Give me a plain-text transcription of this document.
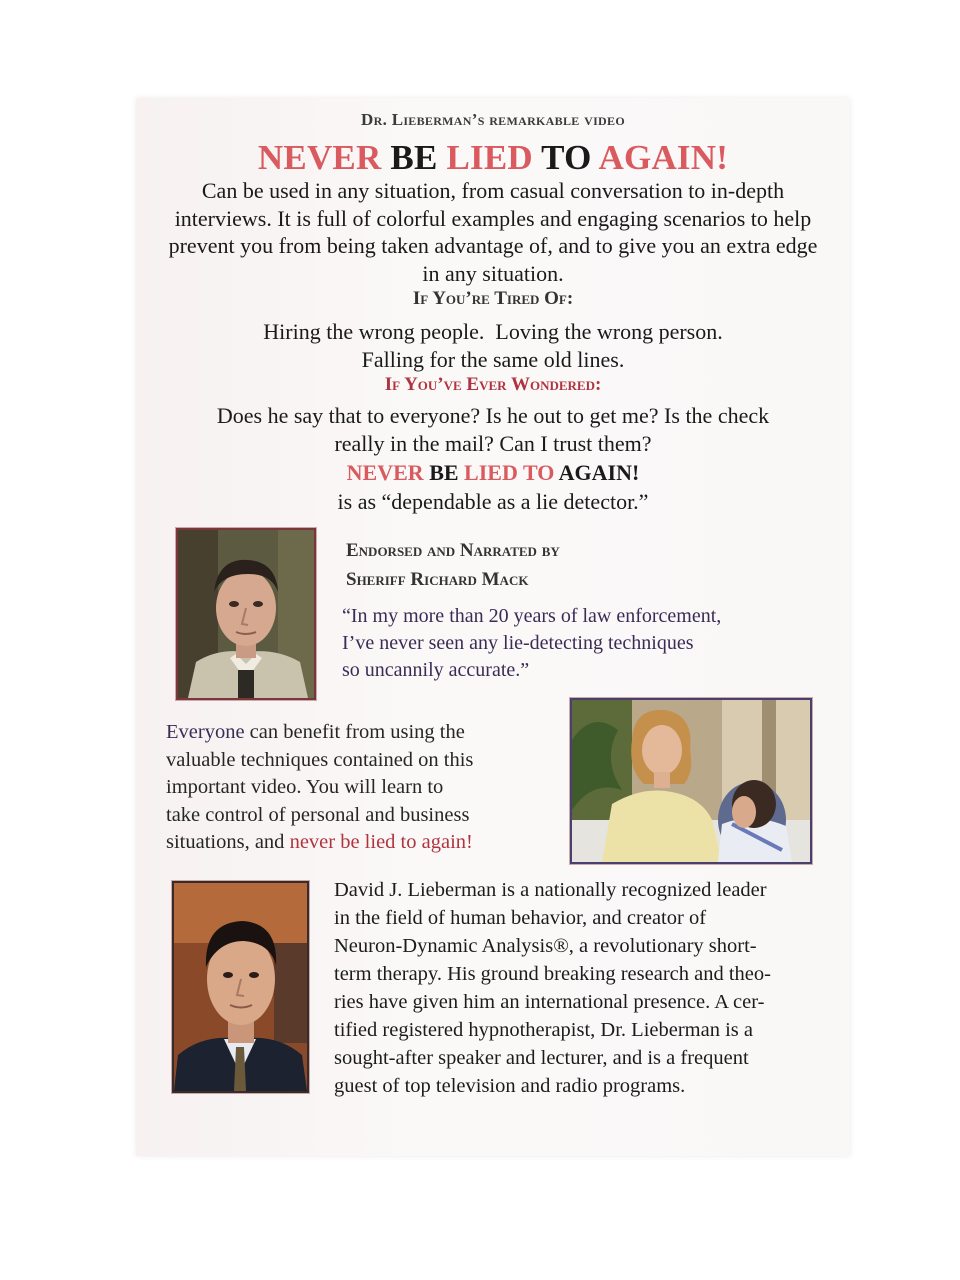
Dr. Lieberman’s remarkable video
NEVER BE LIED TO AGAIN!
Can be used in any situation, from casual conversation to in-depth interviews. It is full of colorful examples and engaging scenarios to help prevent you from being taken advantage of, and to give you an extra edge in any situation.
If You’re Tired Of:
Hiring the wrong people.  Loving the wrong person.
Falling for the same old lines.
If You’ve Ever Wondered:
Does he say that to everyone? Is he out to get me? Is the check
really in the mail? Can I trust them?
NEVER BE LIED TO AGAIN!
is as “dependable as a lie detector.”
Endorsed and Narrated by
Sheriff Richard Mack
“In my more than 20 years of law enforcement,
I’ve never seen any lie-detecting techniques
so uncannily accurate.”
Everyone can benefit from using the
valuable techniques contained on this
important video. You will learn to
take control of personal and business
situations, and never be lied to again!
David J. Lieberman is a nationally recognized leader
in the field of human behavior, and creator of
Neuron-Dynamic Analysis®, a revolutionary short-
term therapy. His ground breaking research and theo-
ries have given him an international presence. A cer-
tified registered hypnotherapist, Dr. Lieberman is a
sought-after speaker and lecturer, and is a frequent
guest of top television and radio programs.
